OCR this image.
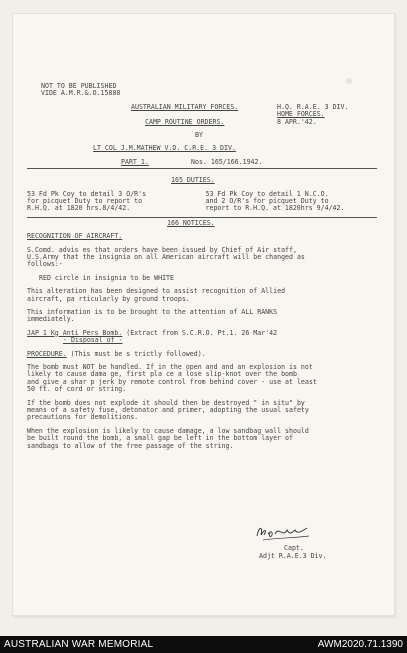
NOT TO BE PUBLISHED
VIDE A.M.R.&.O.15888
AUSTRALIAN MILITARY FORCES.	H.Q. R.A.E. 3 DIV.
HOME FORCES.
CAMP ROUTINE ORDERS.	8 APR.'42.
BY
LT COL J.M.MATHEW V.D. C.R.E. 3 DIV.
PART 1.	Nos. 165/166.1942.
165 DUTIES.
53 Fd Pk Coy to detail 3 O/R's
for picquet Duty to report to
R.H.Q. at 1820 hrs.8/4/42.
53 Fd Pk Coy to detail 1 N.C.O.
and 2 O/R's for picquet Duty to
report to R.H.Q. at 1820hrs 9/4/42.
166 NOTICES.
RECOGNITION OF AIRCRAFT.
S.Comd. advis es that orders have been issued by Chief of Air staff,
U.S.Army that the insignia on all American aircraft will be changed as
follows:-
RED circle in insignia to be WHITE
This alteration has been designed to assist recognition of Allied
aircraft, pa rticularly by ground troops.
This information is to be brought to the attention of ALL RANKS
immediately.
JAP 1 Kg Anti Pers Bomb. (Extract from S.C.R.O. Pt.1. 26 Mar'42
- Disposal of -
PROCEDURE. (This must be s trictly followed).
The bomb must NOT be handled. If in the open and and an explosion is not
likely to cause dama ge, first pla ce a lose slip-knot over the bomb
and give a shar p jerk by remote control from behind cover - use at least
50 ft. of cord or string.
If the bomb does not explode it should then be destroyed " in situ" by
means of a safety fuse, detonator and primer, adopting the usual safety
precautions for demolitions.
When the explosion is likely to cause damage, a low sandbag wall should
be built round the bomb, a small gap be left in the bottom layer of
sandbags to allow of the free passage of the string.
Capt.
Adjt R.A.E.3 Div.
AUSTRALIAN WAR MEMORIAL	AWM2020.71.1390
